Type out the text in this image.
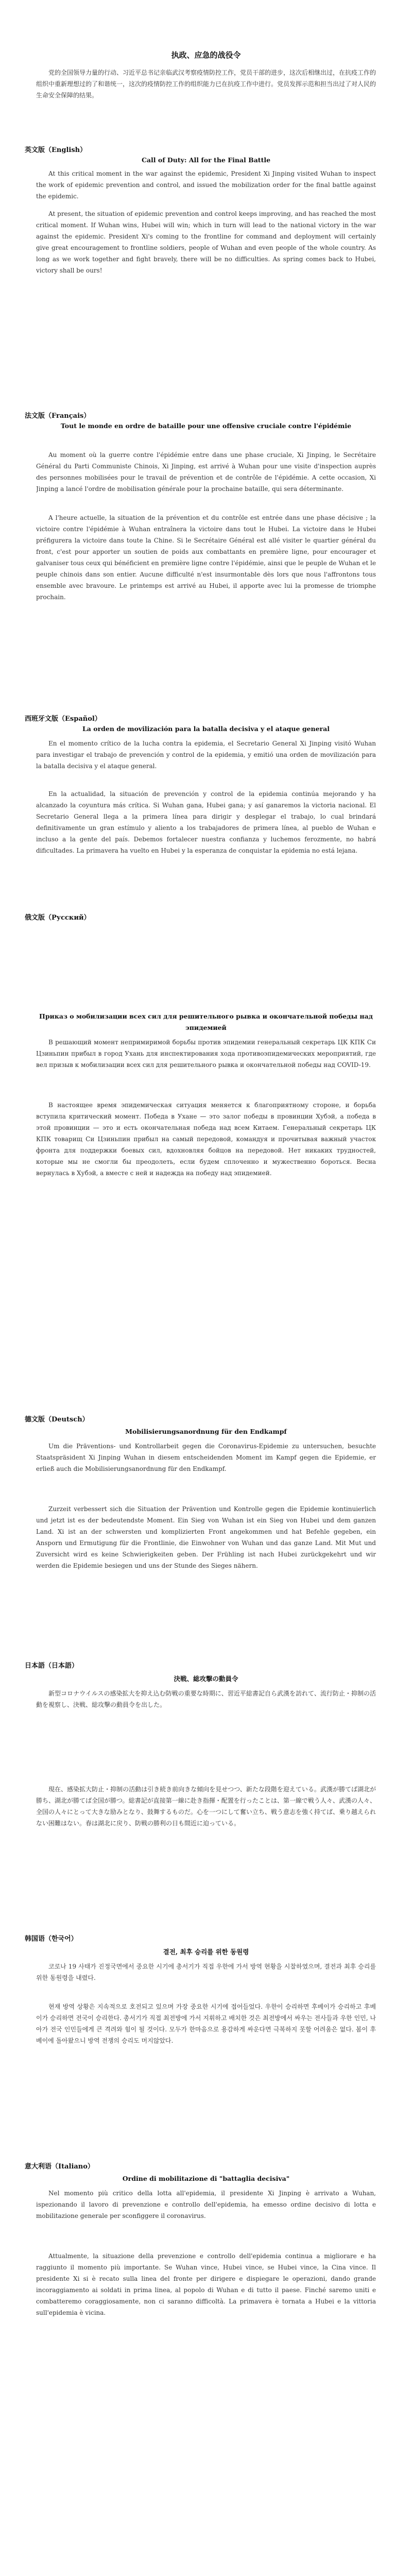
执政、应急的战役令
党的全国领导力量的行动、习近平总书记亲临武汉考察疫情防控工作，党员干部的进步，这次后相继出过，在抗疫工作的组织中重新理想过的了和谐统一，这次的疫情防控工作的组织能力已在抗疫工作中进行。党员发挥示范和担当出过了对人民的生命安全保障的结果。
英文版（English）
Call of Duty: All for the Final Battle
At this critical moment in the war against the epidemic, President Xi Jinping visited Wuhan to inspect the work of epidemic prevention and control, and issued the mobilization order for the final battle against the epidemic.
At present, the situation of epidemic prevention and control keeps improving, and has reached the most critical moment. If Wuhan wins, Hubei will win; which in turn will lead to the national victory in the war against the epidemic. President Xi's coming to the frontline for command and deployment will certainly give great encouragement to frontline soldiers, people of Wuhan and even people of the whole country. As long as we work together and fight bravely, there will be no difficulties. As spring comes back to Hubei, victory shall be ours!
法文版（Français）
Tout le monde en ordre de bataille pour une offensive cruciale contre l'épidémie
Au moment où la guerre contre l'épidémie entre dans une phase cruciale, Xi Jinping, le Secrétaire Général du Parti Communiste Chinois, Xi Jinping, est arrivé à Wuhan pour une visite d'inspection auprès des personnes mobilisées pour le travail de prévention et de contrôle de l'épidémie. A cette occasion, Xi Jinping a lancé l'ordre de mobilisation générale pour la prochaine bataille, qui sera déterminante.
A l'heure actuelle, la situation de la prévention et du contrôle est entrée dans une phase décisive ; la victoire contre l'épidémie à Wuhan entraînera la victoire dans tout le Hubei. La victoire dans le Hubei préfigurera la victoire dans toute la Chine. Si le Secrétaire Général est allé visiter le quartier général du front, c'est pour apporter un soutien de poids aux combattants en première ligne, pour encourager et galvaniser tous ceux qui bénéficient en première ligne contre l'épidémie, ainsi que le peuple de Wuhan et le peuple chinois dans son entier. Aucune difficulté n'est insurmontable dès lors que nous l'affrontons tous ensemble avec bravoure. Le printemps est arrivé au Hubei, il apporte avec lui la promesse de triomphe prochain.
西班牙文版（Español）
La orden de movilización para la batalla decisiva y el ataque general
En el momento crítico de la lucha contra la epidemia, el Secretario General Xi Jinping visitó Wuhan para investigar el trabajo de prevención y control de la epidemia, y emitió una orden de movilización para la batalla decisiva y el ataque general.
En la actualidad, la situación de prevención y control de la epidemia continúa mejorando y ha alcanzado la coyuntura más crítica. Si Wuhan gana, Hubei gana; y así ganaremos la victoria nacional. El Secretario General llega a la primera línea para dirigir y desplegar el trabajo, lo cual brindará definitivamente un gran estímulo y aliento a los trabajadores de primera línea, al pueblo de Wuhan e incluso a la gente del país. Debemos fortalecer nuestra confianza y luchemos ferozmente, no habrá dificultades. La primavera ha vuelto en Hubei y la esperanza de conquistar la epidemia no está lejana.
俄文版（Русский）
Приказ о мобилизации всех сил для решительного рывка и окончательной победы над эпидемией
В решающий момент непримиримой борьбы против эпидемии генеральный секретарь ЦК КПК Си Цзиньпин прибыл в город Ухань для инспектирования хода противоэпидемических мероприятий, где вел призыв к мобилизации всех сил для решительного рывка и окончательной победы над COVID-19.
В настоящее время эпидемическая ситуация меняется к благоприятному стороне, и борьба вступила критический момент. Победа в Ухане — это залог победы в провинции Хубэй, а победа в этой провинции — это и есть окончательная победа над всем Китаем. Генеральный секретарь ЦК КПК товарищ Си Цзиньпин прибыл на самый передовой, командуя и прочитывая важный участок фронта для поддержки боевых сил, вдохновляя бойцов на передовой. Нет никаких трудностей, которые мы не смогли бы преодолеть, если будем сплоченно и мужественно бороться. Весна вернулась в Хубэй, а вместе с ней и надежда на победу над эпидемией.
德文版（Deutsch）
Mobilisierungsanordnung für den Endkampf
Um die Präventions- und Kontrollarbeit gegen die Coronavirus-Epidemie zu untersuchen, besuchte Staatspräsident Xi Jinping Wuhan in diesem entscheidenden Moment im Kampf gegen die Epidemie, er erließ auch die Mobilisierungsanordnung für den Endkampf.
Zurzeit verbessert sich die Situation der Prävention und Kontrolle gegen die Epidemie kontinuierlich und jetzt ist es der bedeutendste Moment. Ein Sieg von Wuhan ist ein Sieg von Hubei und dem ganzen Land. Xi ist an der schwersten und komplizierten Front angekommen und hat Befehle gegeben, ein Ansporn und Ermutigung für die Frontlinie, die Einwohner von Wuhan und das ganze Land. Mit Mut und Zuversicht wird es keine Schwierigkeiten geben. Der Frühling ist nach Hubei zurückgekehrt und wir werden die Epidemie besiegen und uns der Stunde des Sieges nähern.
日本語（日本語）
決戦、総攻撃の動員令
新型コロナウイルスの感染拡大を抑え込む防戦の重要な時期に、習近平総書記自ら武漢を訪れて、流行防止・抑制の活動を視察し、決戦、総攻撃の動員令を出した。
現在、感染拡大防止・抑制の活動は引き続き前向きな傾向を見せつつ、新たな段階を迎えている。武漢が勝てば湖北が勝ち、湖北が勝てば全国が勝つ。総書記が直接第一線に赴き指揮・配置を行ったことは、第一線で戦う人々、武漢の人々、全国の人々にとって大きな励みとなり、鼓舞するものだ。心を一つにして奮い立ち、戦う意志を強く持てば、乗り越えられない困難はない。春は湖北に戻り、防戦の勝利の日も間近に迫っている。
韩国语（한국어）
결전, 최후 승리를 위한 동원령
코로나 19 사태가 진정국면에서 중요한 시기에 총서기가 직접 우한에 가서 방역 현황을 시찰하였으며, 결전과 최후 승리를 위한 동원령을 내렸다.
현재 방역 상황은 지속적으로 호전되고 있으며 가장 중요한 시기에 접어들었다. 우한이 승리하면 후베이가 승리하고 후베이가 승리하면 전국이 승리한다. 총서기가 직접 최전방에 가서 지휘하고 배치한 것은 최전방에서 싸우는 전사들과 우한 인민, 나아가 전국 인민들에게 큰 격려와 힘이 될 것이다. 모두가 한마음으로 용감하게 싸운다면 극복하지 못할 어려움은 없다. 봄이 후베이에 돌아왔으니 방역 전쟁의 승리도 머지않았다.
意大利语（Italiano）
Ordine di mobilitazione di "battaglia decisiva"
Nel momento più critico della lotta all'epidemia, il presidente Xi Jinping è arrivato a Wuhan, ispezionando il lavoro di prevenzione e controllo dell'epidemia, ha emesso ordine decisivo di lotta e mobilitazione generale per sconfiggere il coronavirus.
Attualmente, la situazione della prevenzione e controllo dell'epidemia continua a migliorare e ha raggiunto il momento più importante. Se Wuhan vince, Hubei vince, se Hubei vince, la Cina vince. Il presidente Xi si è recato sulla linea del fronte per dirigere e dispiegare le operazioni, dando grande incoraggiamento ai soldati in prima linea, al popolo di Wuhan e di tutto il paese. Finché saremo uniti e combatteremo coraggiosamente, non ci saranno difficoltà. La primavera è tornata a Hubei e la vittoria sull'epidemia è vicina.
